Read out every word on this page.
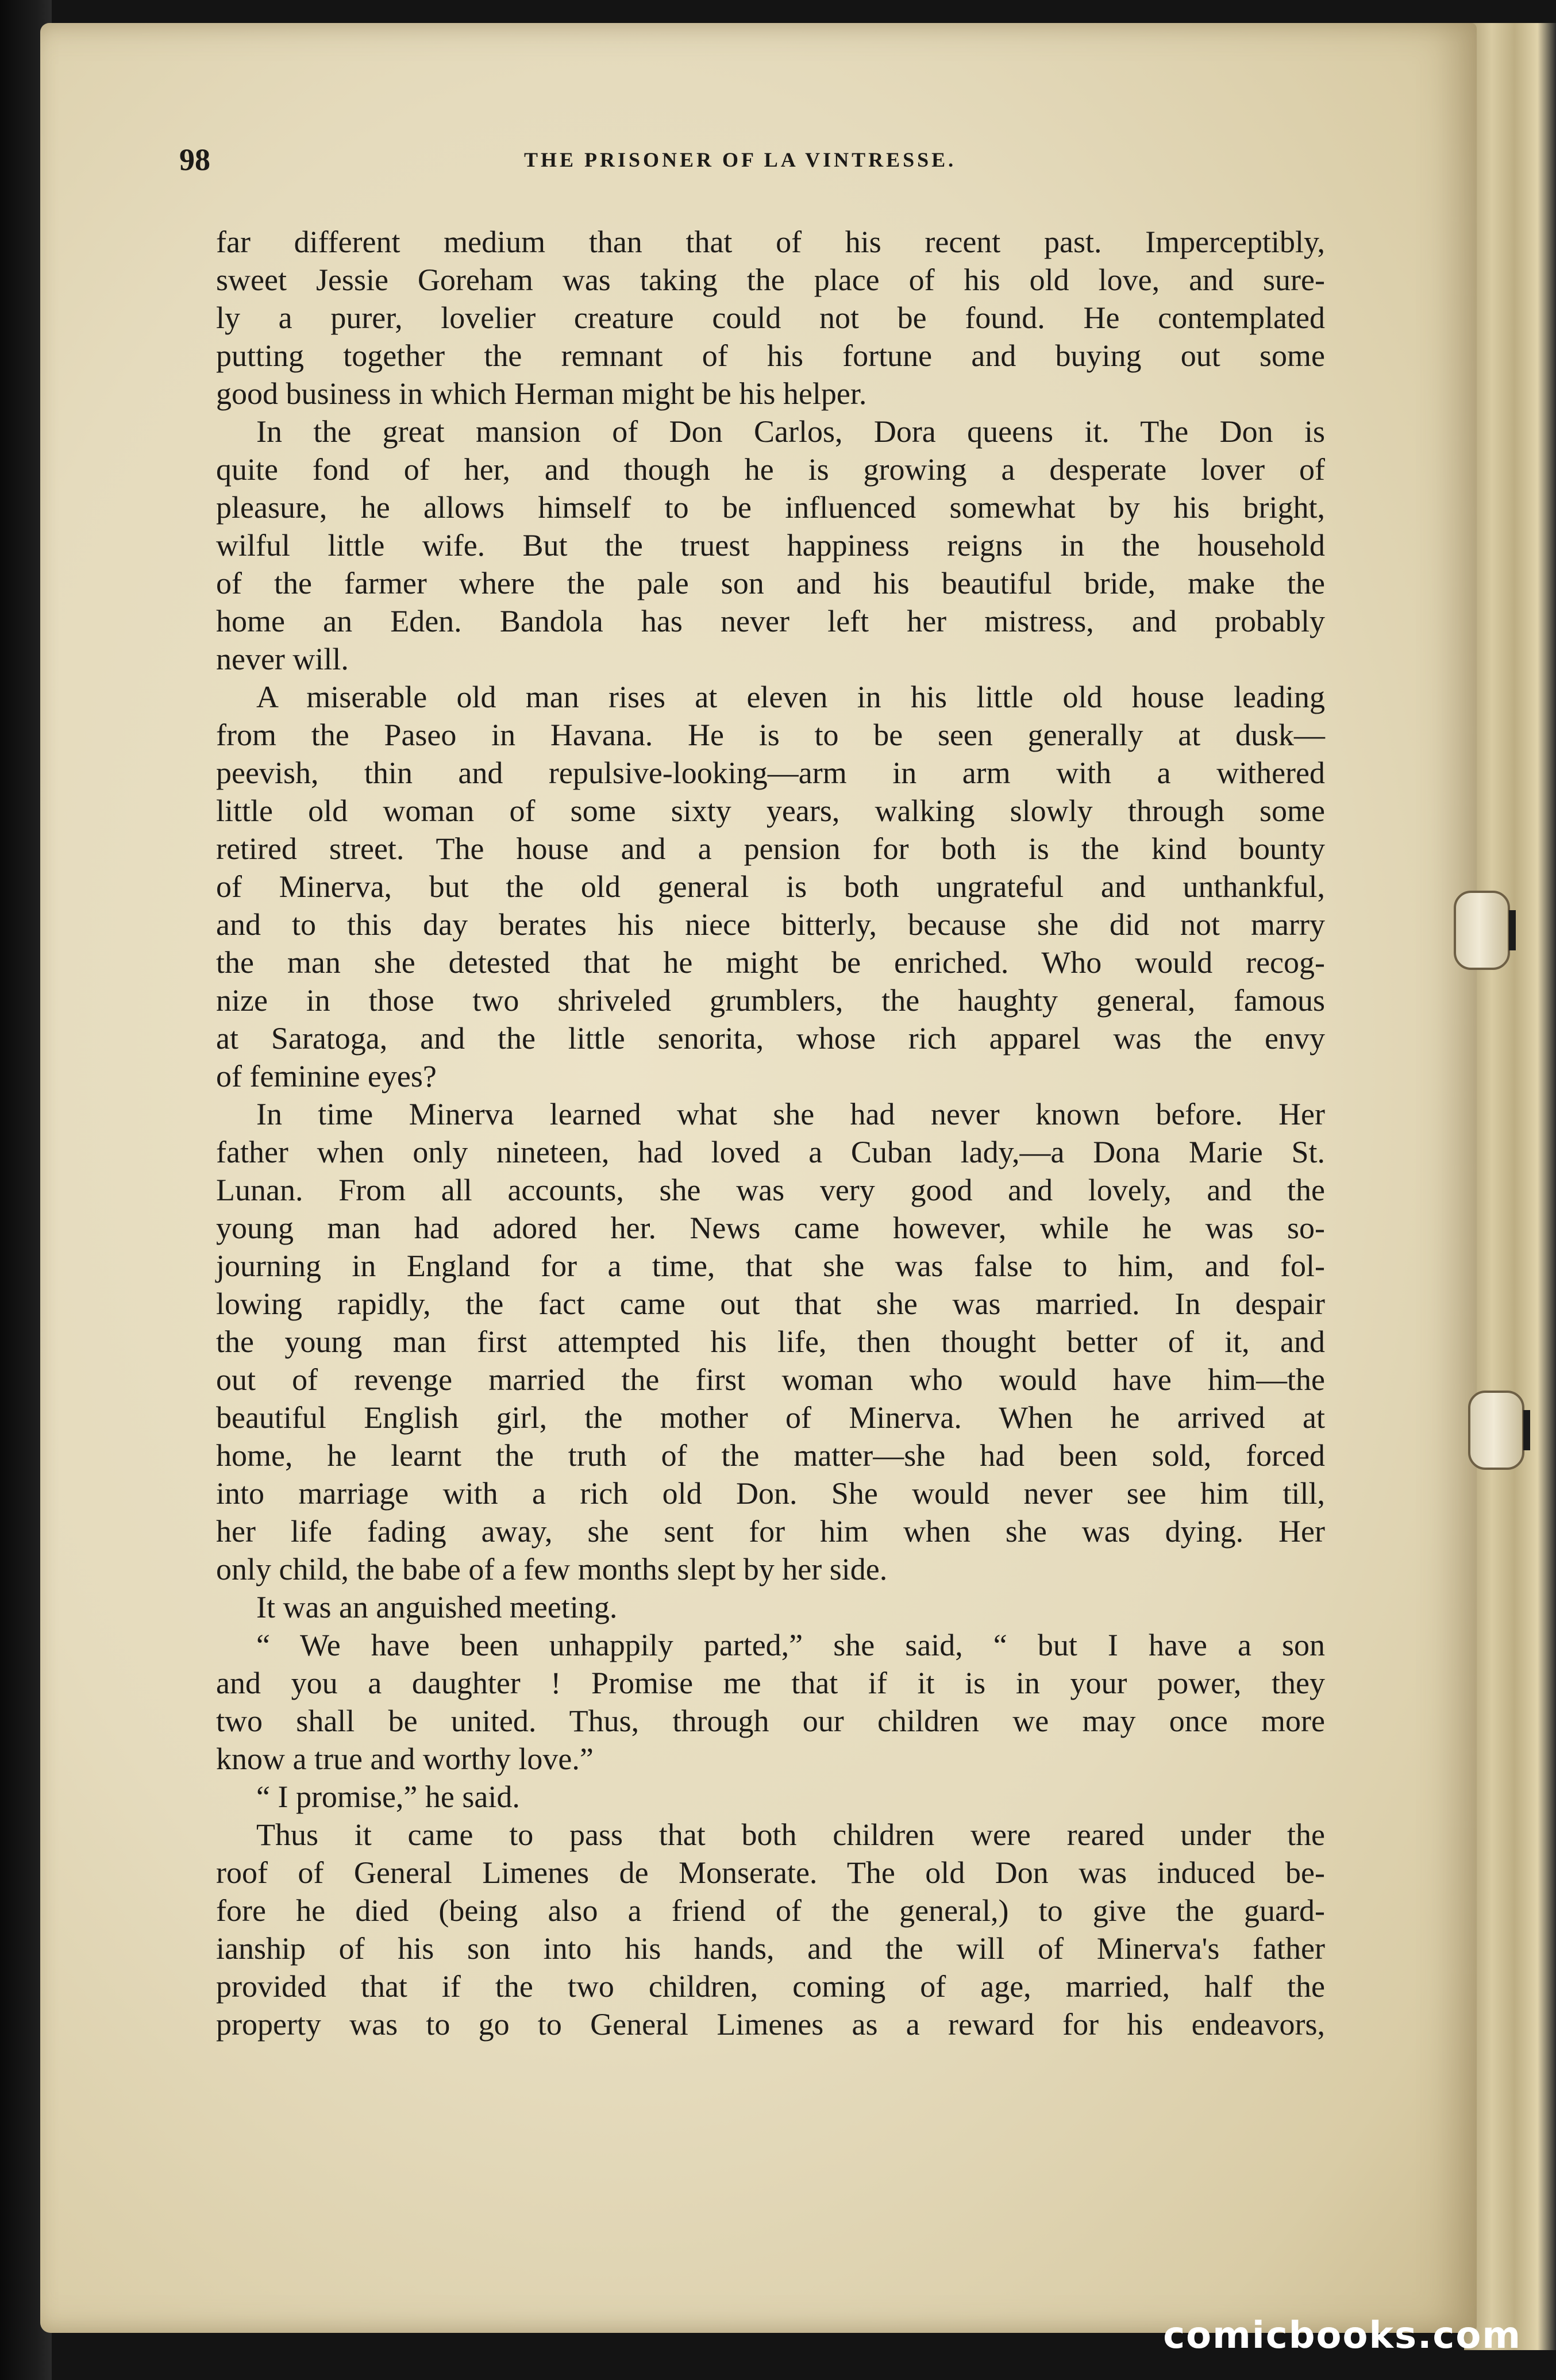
98	THE PRISONER OF LA VINTRESSE.
far different medium than that of his recent past. Imperceptibly,
sweet Jessie Goreham was taking the place of his old love, and sure-
ly a purer, lovelier creature could not be found. He contemplated
putting together the remnant of his fortune and buying out some
good business in which Herman might be his helper.
In the great mansion of Don Carlos, Dora queens it. The Don is
quite fond of her, and though he is growing a desperate lover of
pleasure, he allows himself to be influenced somewhat by his bright,
wilful little wife. But the truest happiness reigns in the household
of the farmer where the pale son and his beautiful bride, make the
home an Eden. Bandola has never left her mistress, and probably
never will.
A miserable old man rises at eleven in his little old house leading
from the Paseo in Havana. He is to be seen generally at dusk—
peevish, thin and repulsive-looking—arm in arm with a withered
little old woman of some sixty years, walking slowly through some
retired street. The house and a pension for both is the kind bounty
of Minerva, but the old general is both ungrateful and unthankful,
and to this day berates his niece bitterly, because she did not marry
the man she detested that he might be enriched. Who would recog-
nize in those two shriveled grumblers, the haughty general, famous
at Saratoga, and the little senorita, whose rich apparel was the envy
of feminine eyes?
In time Minerva learned what she had never known before. Her
father when only nineteen, had loved a Cuban lady,—a Dona Marie St.
Lunan. From all accounts, she was very good and lovely, and the
young man had adored her. News came however, while he was so-
journing in England for a time, that she was false to him, and fol-
lowing rapidly, the fact came out that she was married. In despair
the young man first attempted his life, then thought better of it, and
out of revenge married the first woman who would have him—the
beautiful English girl, the mother of Minerva. When he arrived at
home, he learnt the truth of the matter—she had been sold, forced
into marriage with a rich old Don. She would never see him till,
her life fading away, she sent for him when she was dying. Her
only child, the babe of a few months slept by her side.
It was an anguished meeting.
“ We have been unhappily parted,” she said, “ but I have a son
and you a daughter ! Promise me that if it is in your power, they
two shall be united. Thus, through our children we may once more
know a true and worthy love.”
“ I promise,” he said.
Thus it came to pass that both children were reared under the
roof of General Limenes de Monserate. The old Don was induced be-
fore he died (being also a friend of the general,) to give the guard-
ianship of his son into his hands, and the will of Minerva's father
provided that if the two children, coming of age, married, half the
property was to go to General Limenes as a reward for his endeavors,
comicbooks.com
